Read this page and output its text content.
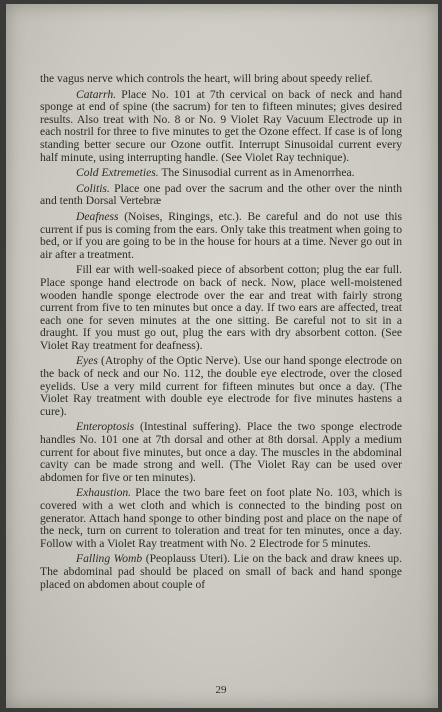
the vagus nerve which controls the heart, will bring about speedy relief.

Catarrh. Place No. 101 at 7th cervical on back of neck and hand sponge at end of spine (the sacrum) for ten to fifteen minutes; gives desired results. Also treat with No. 8 or No. 9 Violet Ray Vacuum Electrode up in each nostril for three to five minutes to get the Ozone effect. If case is of long standing better secure our Ozone outfit. Interrupt Sinusoidal current every half minute, using interrupting handle. (See Violet Ray technique).

Cold Extremeties. The Sinusodial current as in Amenorrhea.

Colitis. Place one pad over the sacrum and the other over the ninth and tenth Dorsal Vertebræ

Deafness (Noises, Ringings, etc.). Be careful and do not use this current if pus is coming from the ears. Only take this treatment when going to bed, or if you are going to be in the house for hours at a time. Never go out in air after a treatment.

Fill ear with well-soaked piece of absorbent cotton; plug the ear full. Place sponge hand electrode on back of neck. Now, place well-moistened wooden handle sponge electrode over the ear and treat with fairly strong current from five to ten minutes but once a day. If two ears are affected, treat each one for seven minutes at the one sitting. Be careful not to sit in a draught. If you must go out, plug the ears with dry absorbent cotton. (See Violet Ray treatment for deafness).

Eyes (Atrophy of the Optic Nerve). Use our hand sponge electrode on the back of neck and our No. 112, the double eye electrode, over the closed eyelids. Use a very mild current for fifteen minutes but once a day. (The Violet Ray treatment with double eye electrode for five minutes hastens a cure).

Enteroptosis (Intestinal suffering). Place the two sponge electrode handles No. 101 one at 7th dorsal and other at 8th dorsal. Apply a medium current for about five minutes, but once a day. The muscles in the abdominal cavity can be made strong and well. (The Violet Ray can be used over abdomen for five or ten minutes).

Exhaustion. Place the two bare feet on foot plate No. 103, which is covered with a wet cloth and which is connected to the binding post on generator. Attach hand sponge to other binding post and place on the nape of the neck, turn on current to toleration and treat for ten minutes, once a day. Follow with a Violet Ray treatment with No. 2 Electrode for 5 minutes.

Falling Womb (Peoplauss Uteri). Lie on the back and draw knees up. The abdominal pad should be placed on small of back and hand sponge placed on abdomen about couple of

29
